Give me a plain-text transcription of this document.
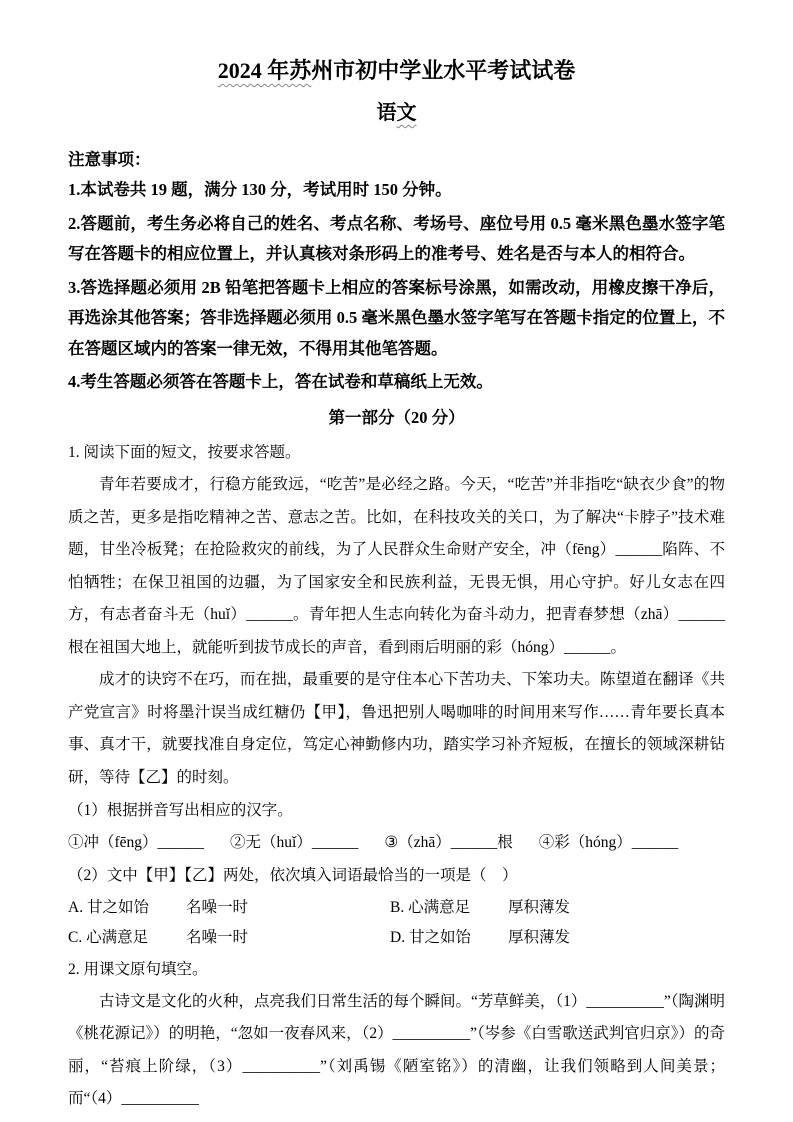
2024 年苏州市初中学业水平考试试卷
语文

注意事项：

1.本试卷共 19 题，满分 130 分，考试用时 150 分钟。

2.答题前，考生务必将自己的姓名、考点名称、考场号、座位号用 0.5 毫米黑色墨水签字笔写在答题卡的相应位置上，并认真核对条形码上的准考号、姓名是否与本人的相符合。

3.答选择题必须用 2B 铅笔把答题卡上相应的答案标号涂黑，如需改动，用橡皮擦干净后，再选涂其他答案；答非选择题必须用 0.5 毫米黑色墨水签字笔写在答题卡指定的位置上，不在答题区域内的答案一律无效，不得用其他笔答题。

4.考生答题必须答在答题卡上，答在试卷和草稿纸上无效。

第一部分（20 分）

1. 阅读下面的短文，按要求答题。

青年若要成才，行稳方能致远，“吃苦”是必经之路。今天，“吃苦”并非指吃“缺衣少食”的物质之苦，更多是指吃精神之苦、意志之苦。比如，在科技攻关的关口，为了解决“卡脖子”技术难题，甘坐冷板凳；在抢险救灾的前线，为了人民群众生命财产安全，冲（fēng）______陷阵、不怕牺牲；在保卫祖国的边疆，为了国家安全和民族利益，无畏无惧，用心守护。好儿女志在四方，有志者奋斗无（huǐ）______。青年把人生志向转化为奋斗动力，把青春梦想（zhā）______根在祖国大地上，就能听到拔节成长的声音，看到雨后明丽的彩（hóng）______。

成才的诀窍不在巧，而在拙，最重要的是守住本心下苦功夫、下笨功夫。陈望道在翻译《共产党宣言》时将墨汁误当成红糖仍【甲】，鲁迅把别人喝咖啡的时间用来写作……青年要长真本事、真才干，就要找准自身定位，笃定心神勤修内功，踏实学习补齐短板，在擅长的领域深耕钻研，等待【乙】的时刻。

（1）根据拼音写出相应的汉字。

①冲（fēng）______ ②无（huǐ）______ ③（zhā）______根 ④彩（hóng）______

（2）文中【甲】【乙】两处，依次填入词语最恰当的一项是（　）

A. 甘之如饴	名噪一时	B. 心满意足	厚积薄发
C. 心满意足	名噪一时	D. 甘之如饴	厚积薄发

2. 用课文原句填空。

古诗文是文化的火种，点亮我们日常生活的每个瞬间。“芳草鲜美，（1）__________”（陶渊明《桃花源记》）的明艳，“忽如一夜春风来，（2）__________”（岑参《白雪歌送武判官归京》）的奇丽，“苔痕上阶绿，（3）__________”（刘禹锡《陋室铭》）的清幽，让我们领略到人间美景；而“（4）__________
